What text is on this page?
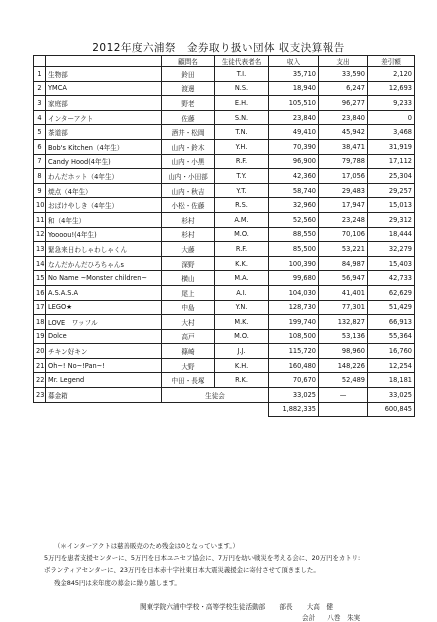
2012年度六浦祭　金券取り扱い団体 収支決算報告
		顧問名	生徒代表者名	収入	支出	差引額
1	生物部	鈴田	T.I.	35,710	33,590	2,120
2	YMCA	渡邊	N.S.	18,940	6,247	12,693
3	家庭部	野老	E.H.	105,510	96,277	9,233
4	インターアクト	佐藤	S.N.	23,840	23,840	0
5	茶道部	酒井・松岡	T.N.	49,410	45,942	3,468
6	Bob's Kitchen（4年生）	山内・鈴木	Y.H.	70,390	38,471	31,919
7	Candy Hood(4年生)	山内・小黒	R.F.	96,900	79,788	17,112
8	わんだホット（4年生）	山内・小田部	T.Y.	42,360	17,056	25,304
9	焼点（4年生）	山内・秋吉	Y.T.	58,740	29,483	29,257
10	おばけやしき（4年生）	小松・佐藤	R.S.	32,960	17,947	15,013
11	和（4年生）	杉村	A.M.	52,560	23,248	29,312
12	Yoooou!(4年生)	杉村	M.O.	88,550	70,106	18,444
13	緊急来日わしゃわしゃくん	大藤	R.F.	85,500	53,221	32,279
14	なんだかんだひろちゃんs	深野	K.K.	100,390	84,987	15,403
15	No Name ~Monster children~	横山	M.A.	99,680	56,947	42,733
16	A.S.A.S.A	尾上	A.I.	104,030	41,401	62,629
17	LEGO★	中島	Y.N.	128,730	77,301	51,429
18	LOVE　ワッフル	大村	M.K.	199,740	132,827	66,913
19	Dolce	高戸	M.O.	108,500	53,136	55,364
20	チキン好キン	篠崎	J.J.	115,720	98,960	16,760
21	Oh~! No~!Pan~!	大野	K.H.	160,480	148,226	12,254
22	Mr. Legend	中田・長塚	R.K.	70,670	52,489	18,181
23	募金箱	生徒会		33,025	—	33,025
				1,882,335		600,845
（＊インターアクトは慈善販売のため残金は0となっています。）
5万円を患者支援センターに、5万円を日本ユニセフ協会に、7万円を幼い戦災を考える会に、20万円をカトリ:
ボランティアセンターに、23万円を日本赤十字社東日本大震災義援金に寄付させて頂きました。
残金845円は来年度の募金に繰り越します。
関東学院六浦中学校・高等学校生徒活動部 部長 大高　健
会計 八巻　朱実
